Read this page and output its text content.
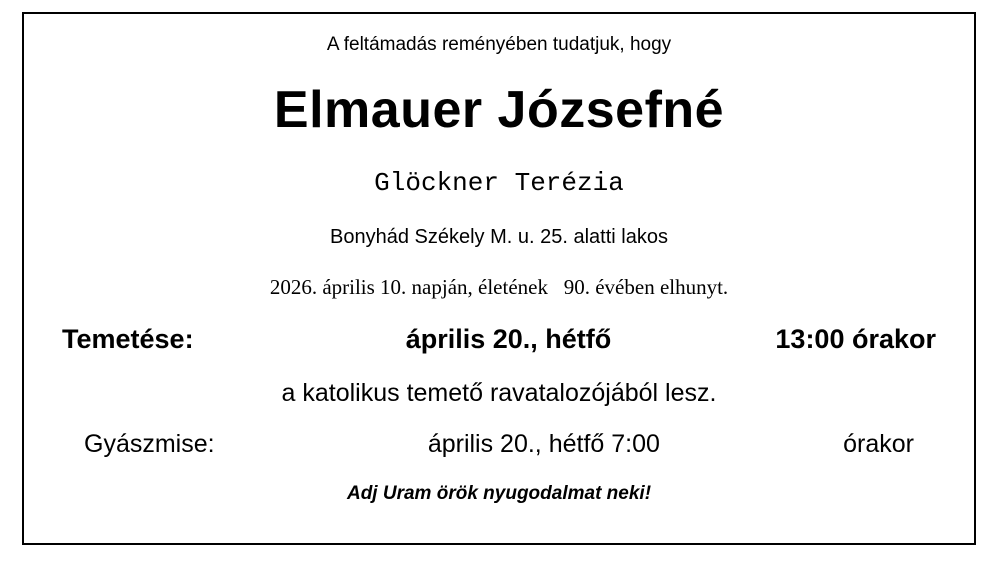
A feltámadás reményében tudatjuk, hogy
Elmauer Józsefné
Glöckner Terézia
Bonyhád Székely M. u. 25. alatti lakos
2026. április 10. napján, életének   90. évében elhunyt.
Temetése:	április 20., hétfő	13:00 órakor
a katolikus temető ravatalozójából lesz.
Gyászmise:	április 20., hétfő 7:00	órakor
Adj Uram örök nyugodalmat neki!
